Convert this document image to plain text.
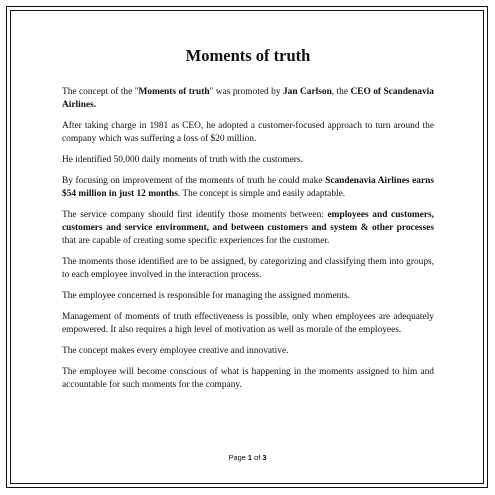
Moments of truth

The concept of the "Moments of truth" was promoted by Jan Carlson, the CEO of Scandenavia Airlines.

After taking charge in 1981 as CEO, he adopted a customer-focused approach to turn around the company which was suffering a loss of $20 million.

He identified 50,000 daily moments of truth with the customers.

By focusing on improvement of the moments of truth he could make Scandenavia Airlines earns $54 million in just 12 months. The concept is simple and easily adaptable.

The service company should first identify those moments between: employees and customers, customers and service environment, and between customers and system & other processes that are capable of creating some specific experiences for the customer.

The moments those identified are to be assigned, by categorizing and classifying them into groups, to each employee involved in the interaction process.

The employee concerned is responsible for managing the assigned moments.

Management of moments of truth effectiveness is possible, only when employees are adequately empowered. It also requires a high level of motivation as well as morale of the employees.

The concept makes every employee creative and innovative.

The employee will become conscious of what is happening in the moments assigned to him and accountable for such moments for the company.

Page 1 of 3
